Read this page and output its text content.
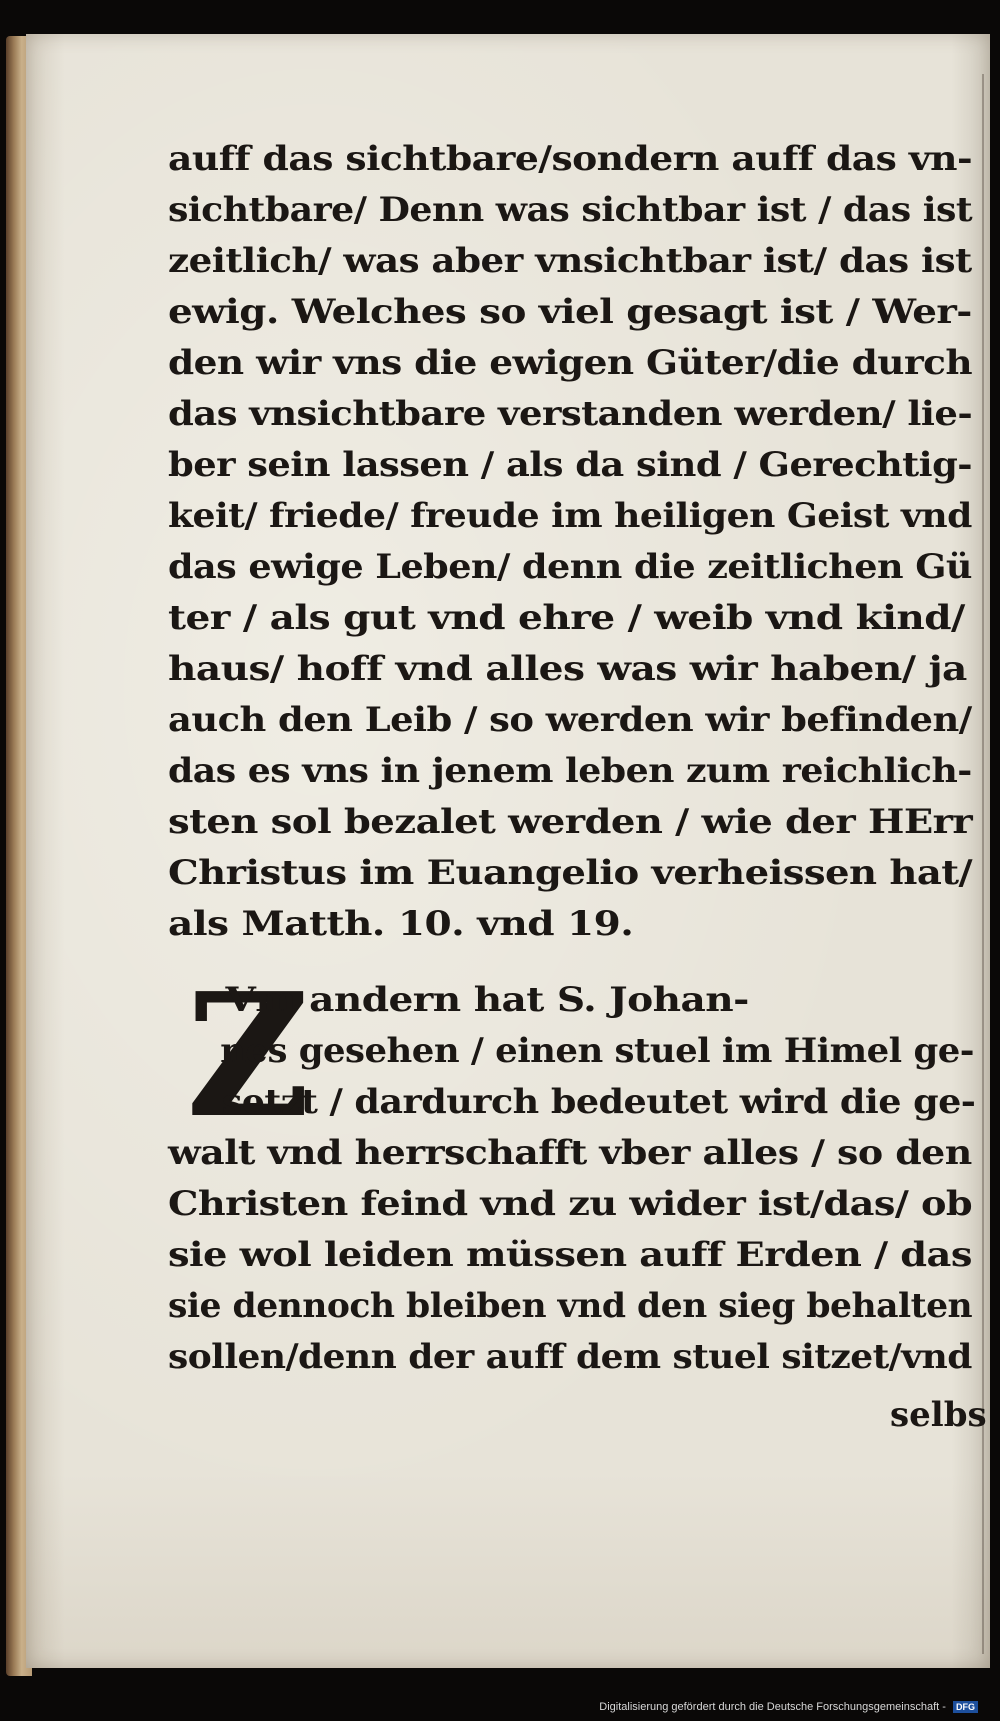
auff das sichtbare/sondern auff das vn-
sichtbare/ Denn was sichtbar ist / das ist
zeitlich/ was aber vnsichtbar ist/ das ist
ewig. Welches so viel gesagt ist / Wer-
den wir vns die ewigen Güter/die durch
das vnsichtbare verstanden werden/ lie-
ber sein lassen / als da sind / Gerechtig-
keit/ friede/ freude im heiligen Geist vnd
das ewige Leben/ denn die zeitlichen Gü
ter / als gut vnd ehre / weib vnd kind/
haus/ hoff vnd alles was wir haben/ ja
auch den Leib / so werden wir befinden/
das es vns in jenem leben zum reichlich-
sten sol bezalet werden / wie der HErr
Christus im Euangelio verheissen hat/
als Matth. 10. vnd 19.
Z
Vm andern hat S. Johan-
nes gesehen / einen stuel im Himel ge-
setzt / dardurch bedeutet wird die ge-
walt vnd herrschafft vber alles / so den
Christen feind vnd zu wider ist/das/ ob
sie wol leiden müssen auff Erden / das
sie dennoch bleiben vnd den sieg behalten
sollen/denn der auff dem stuel sitzet/vnd
selbs
Digitalisierung gefördert durch die Deutsche Forschungsgemeinschaft - DFG
